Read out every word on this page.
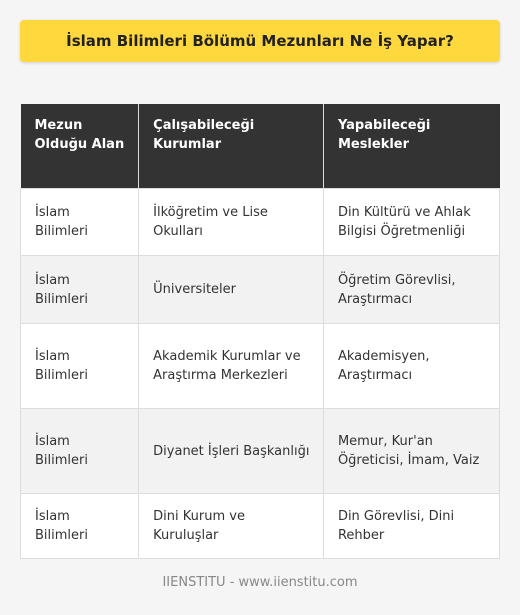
İslam Bilimleri Bölümü Mezunları Ne İş Yapar?
Mezun Olduğu Alan	Çalışabileceği Kurumlar	Yapabileceği Meslekler
İslam Bilimleri	İlköğretim ve Lise Okulları	Din Kültürü ve Ahlak Bilgisi Öğretmenliği
İslam Bilimleri	Üniversiteler	Öğretim Görevlisi, Araştırmacı
İslam Bilimleri	Akademik Kurumlar ve Araştırma Merkezleri	Akademisyen, Araştırmacı
İslam Bilimleri	Diyanet İşleri Başkanlığı	Memur, Kur'an Öğreticisi, İmam, Vaiz
İslam Bilimleri	Dini Kurum ve Kuruluşlar	Din Görevlisi, Dini Rehber
IIENSTITU - www.iienstitu.com
